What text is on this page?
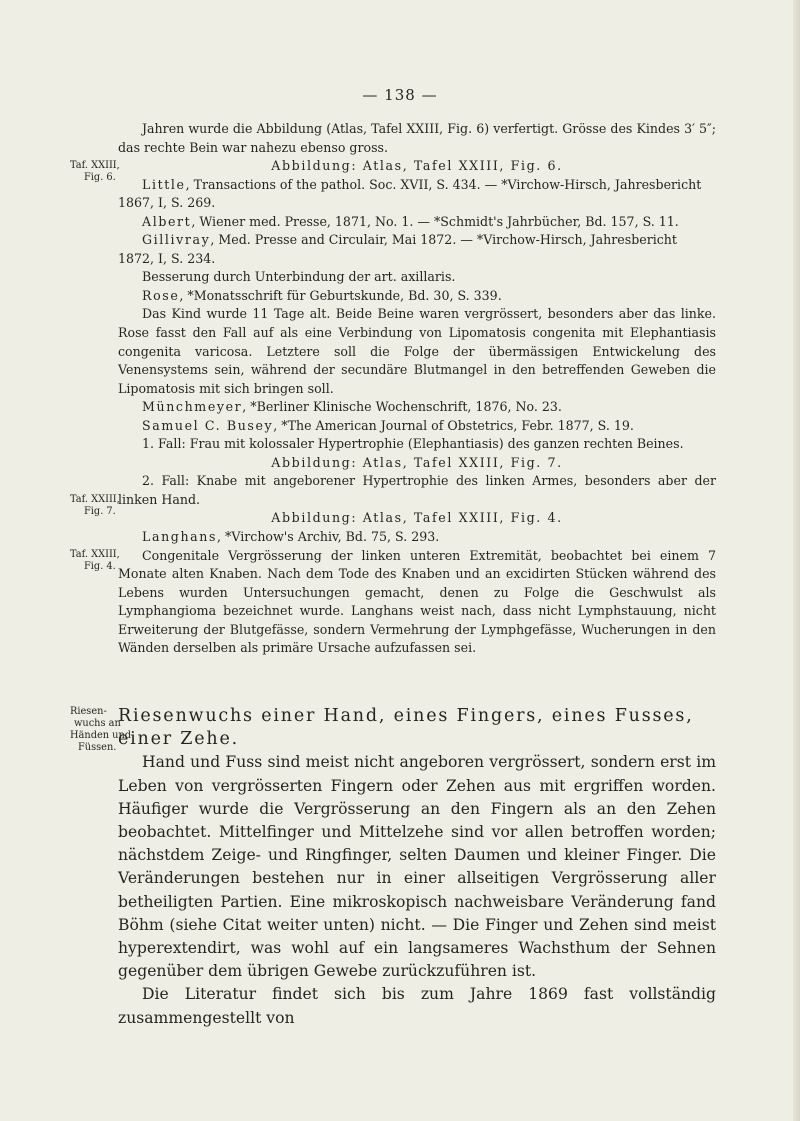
— 138 —
Taf. XXIII,
Fig. 6.
Taf. XXIII,
Fig. 7.
Taf. XXIII,
Fig. 4.
Riesen-
wuchs an
Händen und
Füssen.
Jahren wurde die Abbildung (Atlas, Tafel XXIII, Fig. 6) verfertigt. Grösse des Kindes 3′ 5″; das rechte Bein war nahezu ebenso gross.
Abbildung: Atlas, Tafel XXIII, Fig. 6.
Little, Transactions of the pathol. Soc. XVII, S. 434. — *Virchow-Hirsch, Jahresbericht 1867, I, S. 269.
Albert, Wiener med. Presse, 1871, No. 1. — *Schmidt's Jahrbücher, Bd. 157, S. 11.
Gillivray, Med. Presse and Circulair, Mai 1872. — *Virchow-Hirsch, Jahresbericht 1872, I, S. 234.
Besserung durch Unterbindung der art. axillaris.
Rose, *Monatsschrift für Geburtskunde, Bd. 30, S. 339.
Das Kind wurde 11 Tage alt. Beide Beine waren vergrössert, besonders aber das linke. Rose fasst den Fall auf als eine Verbindung von Lipomatosis congenita mit Elephantiasis congenita varicosa. Letztere soll die Folge der übermässigen Entwickelung des Venensystems sein, während der secundäre Blutmangel in den betreffenden Geweben die Lipomatosis mit sich bringen soll.
Münchmeyer, *Berliner Klinische Wochenschrift, 1876, No. 23.
Samuel C. Busey, *The American Journal of Obstetrics, Febr. 1877, S. 19.
1. Fall: Frau mit kolossaler Hypertrophie (Elephantiasis) des ganzen rechten Beines.
Abbildung: Atlas, Tafel XXIII, Fig. 7.
2. Fall: Knabe mit angeborener Hypertrophie des linken Armes, besonders aber der linken Hand.
Abbildung: Atlas, Tafel XXIII, Fig. 4.
Langhans, *Virchow's Archiv, Bd. 75, S. 293.
Congenitale Vergrösserung der linken unteren Extremität, beobachtet bei einem 7 Monate alten Knaben. Nach dem Tode des Knaben und an excidirten Stücken während des Lebens wurden Untersuchungen gemacht, denen zu Folge die Geschwulst als Lymphangioma bezeichnet wurde. Langhans weist nach, dass nicht Lymphstauung, nicht Erweiterung der Blutgefässe, sondern Vermehrung der Lymphgefässe, Wucherungen in den Wänden derselben als primäre Ursache aufzufassen sei.
Riesenwuchs einer Hand, eines Fingers, eines Fusses, einer Zehe.
Hand und Fuss sind meist nicht angeboren vergrössert, sondern erst im Leben von vergrösserten Fingern oder Zehen aus mit ergriffen worden. Häufiger wurde die Vergrösserung an den Fingern als an den Zehen beobachtet. Mittelfinger und Mittelzehe sind vor allen betroffen worden; nächstdem Zeige- und Ringfinger, selten Daumen und kleiner Finger. Die Veränderungen bestehen nur in einer allseitigen Vergrösserung aller betheiligten Partien. Eine mikroskopisch nachweisbare Veränderung fand Böhm (siehe Citat weiter unten) nicht. — Die Finger und Zehen sind meist hyperextendirt, was wohl auf ein langsameres Wachsthum der Sehnen gegenüber dem übrigen Gewebe zurückzuführen ist.
Die Literatur findet sich bis zum Jahre 1869 fast vollständig zusammengestellt von
